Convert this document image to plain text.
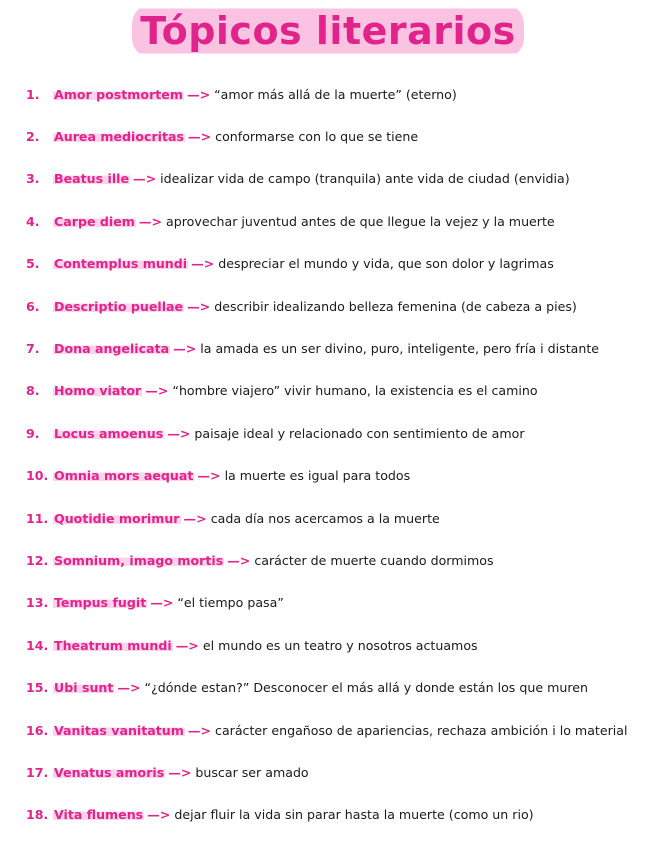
Tópicos literarios
1.	Amor postmortem —> “amor más allá de la muerte” (eterno)
2.	Aurea mediocritas —> conformarse con lo que se tiene
3.	Beatus ille —> idealizar vida de campo (tranquila) ante vida de ciudad (envidia)
4.	Carpe diem —> aprovechar juventud antes de que llegue la vejez y la muerte
5.	Contemplus mundi —> despreciar el mundo y vida, que son dolor y lagrimas
6.	Descriptio puellae —> describir idealizando belleza femenina (de cabeza a pies)
7.	Dona angelicata —> la amada es un ser divino, puro, inteligente, pero fría i distante
8.	Homo viator —> “hombre viajero” vivir humano, la existencia es el camino
9.	Locus amoenus —> paisaje ideal y relacionado con sentimiento de amor
10. Omnia mors aequat —> la muerte es igual para todos
11. Quotidie morimur —> cada día nos acercamos a la muerte
12. Somnium, imago mortis —> carácter de muerte cuando dormimos
13. Tempus fugit —> “el tiempo pasa”
14. Theatrum mundi —> el mundo es un teatro y nosotros actuamos
15. Ubi sunt —> “¿dónde estan?” Desconocer el más allá y donde están los que muren
16. Vanitas vanitatum —> carácter engañoso de apariencias, rechaza ambición i lo material
17. Venatus amoris —> buscar ser amado
18. Vita flumens —> dejar fluir la vida sin parar hasta la muerte (como un rio)
